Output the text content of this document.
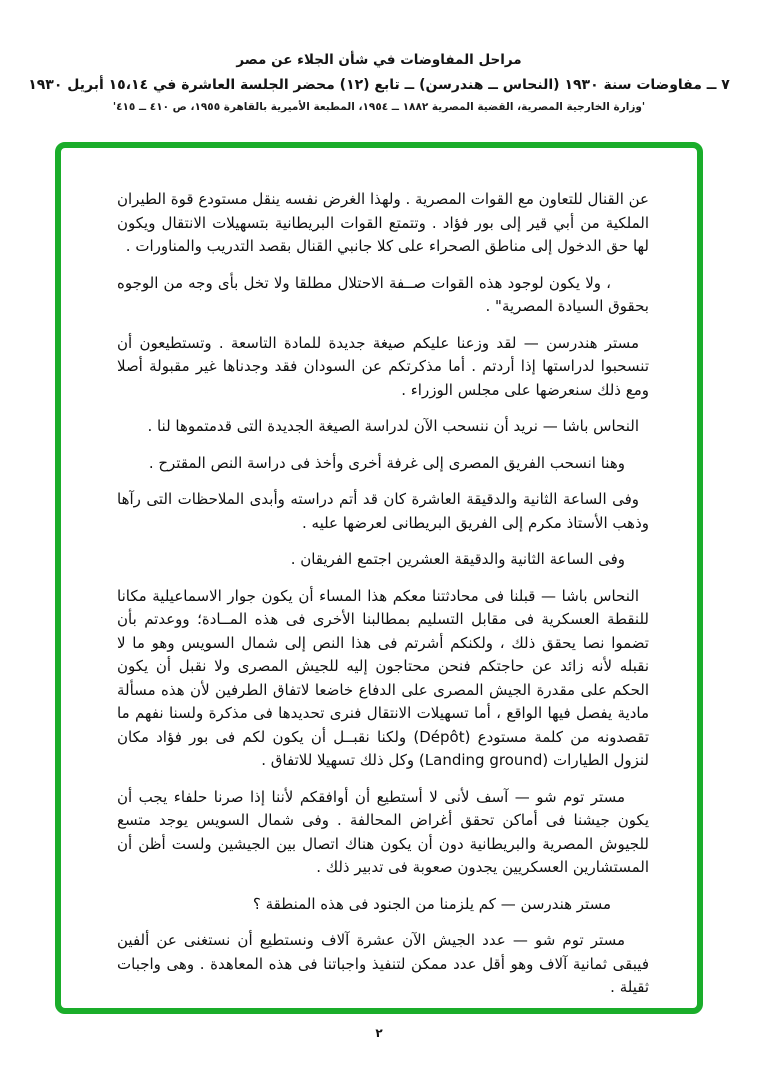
مراحل المفاوضات في شأن الجلاء عن مصر
٧ ــ مفاوضات سنة ١٩٣٠ (النحاس ــ هندرسن) ــ تابع (١٢) محضر الجلسة العاشرة في ١٥،١٤ أبريل ١٩٣٠
'وزارة الخارجية المصرية، القضية المصرية ١٨٨٢ ــ ١٩٥٤، المطبعة الأميرية بالقاهرة ١٩٥٥، ص ٤١٠ ــ ٤١٥'

عن القنال للتعاون مع القوات المصرية . ولهذا الغرض نفسه ينقل مستودع قوة الطيران الملكية من أبي قير إلى بور فؤاد . وتتمتع القوات البريطانية بتسهيلات الانتقال ويكون لها حق الدخول إلى مناطق الصحراء على كلا جانبي القنال بقصد التدريب والمناورات .

، ولا يكون لوجود هذه القوات صــفة الاحتلال مطلقا ولا تخل بأى وجه من الوجوه بحقوق السيادة المصرية" .

مستر هندرسن — لقد وزعنا عليكم صيغة جديدة للمادة التاسعة . وتستطيعون أن تنسحبوا لدراستها إذا أردتم . أما مذكرتكم عن السودان فقد وجدناها غير مقبولة أصلا ومع ذلك سنعرضها على مجلس الوزراء .

النحاس باشا — نريد أن ننسحب الآن لدراسة الصيغة الجديدة التى قدمتموها لنا .

وهنا انسحب الفريق المصرى إلى غرفة أخرى وأخذ فى دراسة النص المقترح .

وفى الساعة الثانية والدقيقة العاشرة كان قد أتم دراسته وأبدى الملاحظات التى رآها وذهب الأستاذ مكرم إلى الفريق البريطانى لعرضها عليه .

وفى الساعة الثانية والدقيقة العشرين اجتمع الفريقان .

النحاس باشا — قبلنا فى محادثتنا معكم هذا المساء أن يكون جوار الاسماعيلية مكانا للنقطة العسكرية فى مقابل التسليم بمطالبنا الأخرى فى هذه المــادة؛ ووعدتم بأن تضموا نصا يحقق ذلك ، ولكنكم أشرتم فى هذا النص إلى شمال السويس وهو ما لا نقبله لأنه زائد عن حاجتكم فنحن محتاجون إليه للجيش المصرى ولا نقبل أن يكون الحكم على مقدرة الجيش المصرى على الدفاع خاضعا لاتفاق الطرفين لأن هذه مسألة مادية يفصل فيها الواقع ، أما تسهيلات الانتقال فنرى تحديدها فى مذكرة ولسنا نفهم ما تقصدونه من كلمة مستودع (Dépôt) ولكنا نقبــل أن يكون لكم فى بور فؤاد مكان لنزول الطيارات (Landing ground) وكل ذلك تسهيلا للاتفاق .

مستر توم شو — آسف لأنى لا أستطيع أن أوافقكم لأننا إذا صرنا حلفاء يجب أن يكون جيشنا فى أماكن تحقق أغراض المحالفة . وفى شمال السويس يوجد متسع للجيوش المصرية والبريطانية دون أن يكون هناك اتصال بين الجيشين ولست أظن أن المستشارين العسكريين يجدون صعوبة فى تدبير ذلك .

مستر هندرسن — كم يلزمنا من الجنود فى هذه المنطقة ؟

مستر توم شو — عدد الجيش الآن عشرة آلاف ونستطيع أن نستغنى عن ألفين فيبقى ثمانية آلاف وهو أقل عدد ممكن لتنفيذ واجباتنا فى هذه المعاهدة . وهى واجبات ثقيلة .

٢
